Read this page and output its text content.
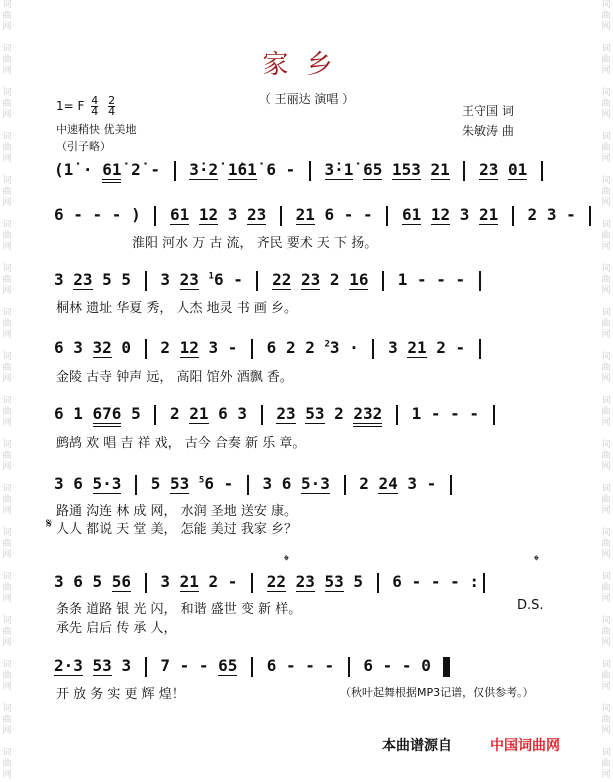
词
曲
网
词
曲
网
词
曲
网
词
曲
网
词
曲
网
词
曲
网
词
曲
网
词
曲
网
词
曲
网
词
曲
网
词
曲
网
词
曲
网
词
曲
网
词
曲
网
词
曲
网
词
曲
网
词
曲
网
词
曲
网
词
曲
网
词
曲
网
词
曲
网
词
曲
网
词
曲
网
词
曲
网
词
曲
网
词
曲
网
词
曲
网
词
曲
网
词
曲
网
词
曲
网
词
曲
网
词
曲
网
词
曲
网
词
曲
网
词
曲
网
词
曲
网
家乡
（ 王丽达 演唱 ）
1= F $\frac{4}{4}$
$\frac{2}{4}$
中速稍快 优美地
（引子略）
王守国 词
朱敏涛 曲
(1̇ · 61̇ 2̇ -  3̇·2̇ 1̇61̇ 6 -  3̇·1̇ 65 153 21 23 01
6 - - - )  61 12 3 23 21 6 - -  61 12 3 21  2 3 -
淮阳 河水 万 古 流， 齐民 要术 天 下 扬。
3 23 5 5  3 23 $^1$6 -  22 23 2 16  1 - - -
桐林 遗址 华夏 秀， 人杰 地灵 书 画 乡。
6 3 32 0  2 12 3 -  6 2 2 $^2$3 ·  3 21 2 -
金陵 古寺 钟声 远， 高阳 馆外 酒飘 香。
6 1 676 5  2 21 6 3  23 53 2 232  1 - - -
鹧鸪 欢 唱 吉 祥 戏， 古今 合奏 新 乐 章。
3 6 5·3  5 53 $^5$6 -  3 6 5·3  2 24 3 -
路通 沟连 林 成 网， 水润 圣地 送安 康。
𝄋 人人 都说 天 堂 美， 怎能 美过 我家 乡？
𝄌	𝄌
3 6 5 56  3 21 2 -  22 23 53 5  6 - - - :
条条 道路 银 光 闪， 和谐 盛世 变 新 样。	D.S.
承先 启后 传 承 人，
2·3 53 3  7 - - 65  6 - - -  6 - - 0
开 放 务 实 更 辉 煌！	（秋叶起舞根据MP3记谱，仅供参考。）
本曲谱源自	中国词曲网
